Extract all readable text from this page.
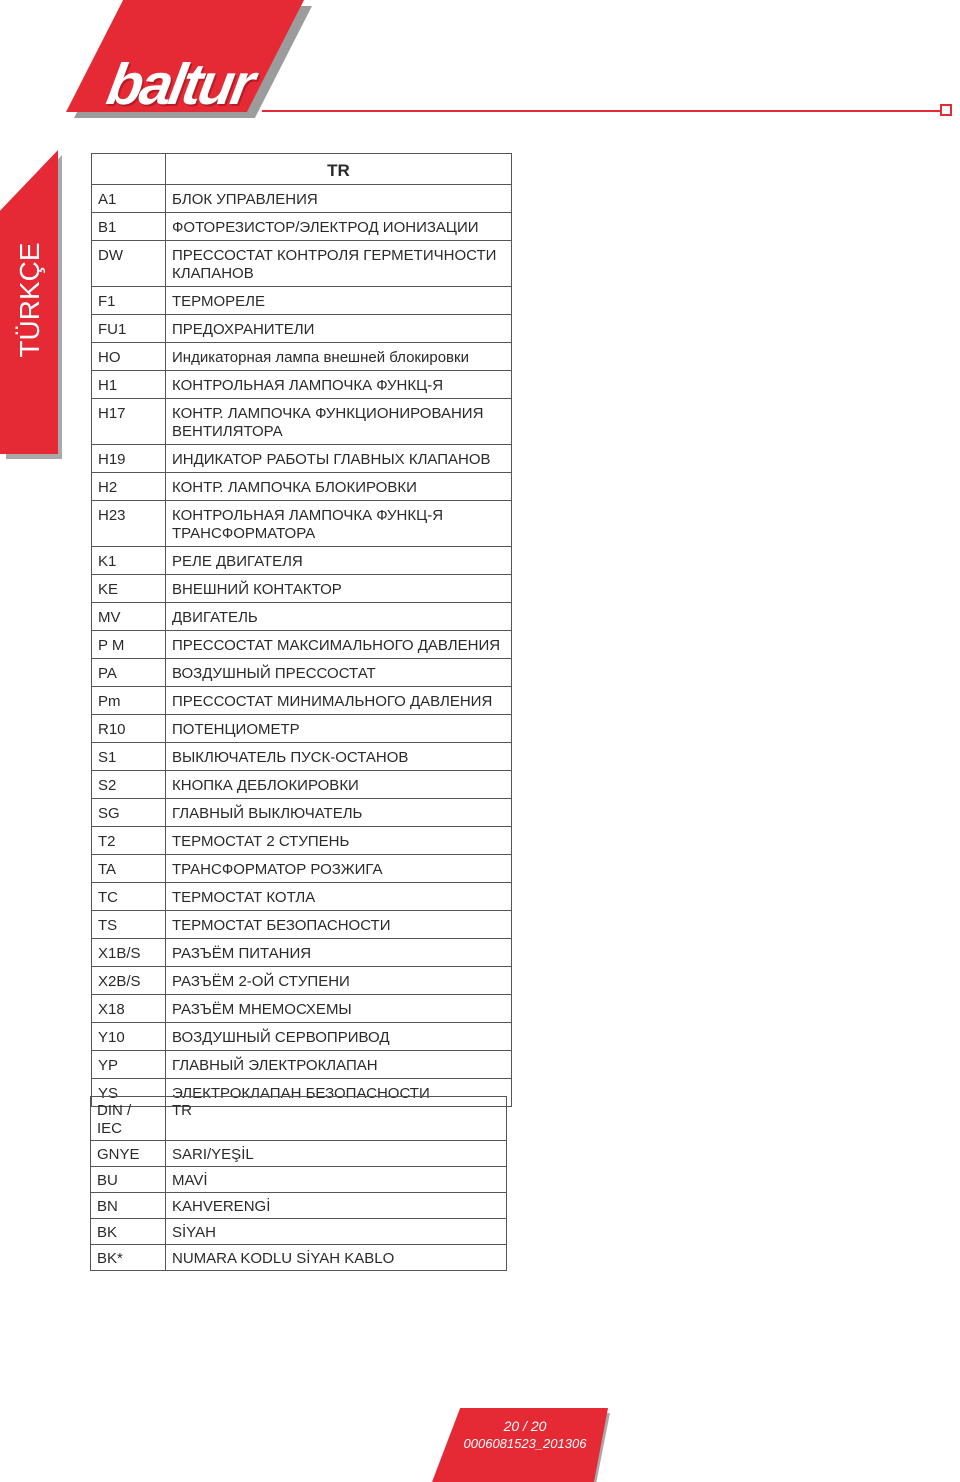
baltur
TÜRKÇE
	TR
A1	БЛОК УПРАВЛЕНИЯ
B1	ФОТОРЕЗИСТОР/ЭЛЕКТРОД ИОНИЗАЦИИ
DW	ПРЕССОСТАТ КОНТРОЛЯ ГЕРМЕТИЧНОСТИ КЛАПАНОВ
F1	ТЕРМОРЕЛЕ
FU1	ПРЕДОХРАНИТЕЛИ
HO	Индикаторная лампа внешней блокировки
H1	КОНТРОЛЬНАЯ ЛАМПОЧКА ФУНКЦ-Я
H17	КОНТР. ЛАМПОЧКА ФУНКЦИОНИРОВАНИЯ ВЕНТИЛЯТОРА
H19	ИНДИКАТОР РАБОТЫ ГЛАВНЫХ КЛАПАНОВ
H2	КОНТР. ЛАМПОЧКА БЛОКИРОВКИ
H23	КОНТРОЛЬНАЯ ЛАМПОЧКА ФУНКЦ-Я ТРАНСФОРМАТОРА
K1	РЕЛЕ ДВИГАТЕЛЯ
KE	ВНЕШНИЙ КОНТАКТОР
MV	ДВИГАТЕЛЬ
P M	ПРЕССОСТАТ МАКСИМАЛЬНОГО ДАВЛЕНИЯ
PA	ВОЗДУШНЫЙ ПРЕССОСТАТ
Pm	ПРЕССОСТАТ МИНИМАЛЬНОГО ДАВЛЕНИЯ
R10	ПОТЕНЦИОМЕТР
S1	ВЫКЛЮЧАТЕЛЬ ПУСК-ОСТАНОВ
S2	КНОПКА ДЕБЛОКИРОВКИ
SG	ГЛАВНЫЙ ВЫКЛЮЧАТЕЛЬ
T2	ТЕРМОСТАТ 2 СТУПЕНЬ
TA	ТРАНСФОРМАТОР РОЗЖИГА
TC	ТЕРМОСТАТ КОТЛА
TS	ТЕРМОСТАТ БЕЗОПАСНОСТИ
X1B/S	РАЗЪЁМ ПИТАНИЯ
X2B/S	РАЗЪЁМ 2-ОЙ СТУПЕНИ
X18	РАЗЪЁМ МНЕМОСХЕМЫ
Y10	ВОЗДУШНЫЙ СЕРВОПРИВОД
YP	ГЛАВНЫЙ ЭЛЕКТРОКЛАПАН
YS	ЭЛЕКТРОКЛАПАН БЕЗОПАСНОСТИ
DIN / IEC	TR
GNYE	SARI/YEŞİL
BU	MAVİ
BN	KAHVERENGİ
BK	SİYAH
BK*	NUMARA KODLU SİYAH KABLO
20 / 20
0006081523_201306
